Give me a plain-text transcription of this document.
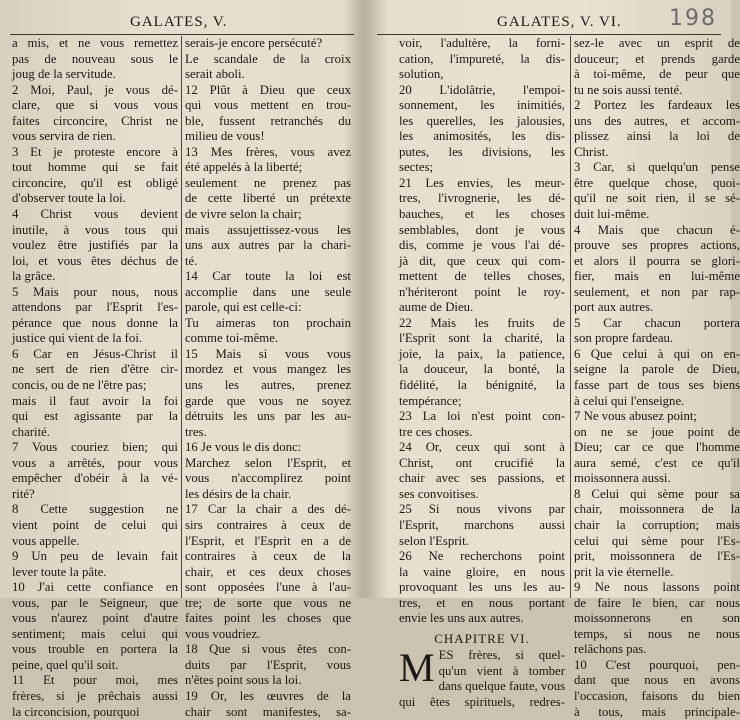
GALATES, V.
a mis, et ne vous remettez
pas de nouveau sous le
joug de la servitude.
2 Moi, Paul, je vous dé-
clare, que si vous vous
faites circoncire, Christ ne
vous servira de rien.
3 Et je proteste encore à
tout homme qui se fait
circoncire, qu'il est obligé
d'observer toute la loi.
4 Christ vous devient
inutile, à vous tous qui
voulez être justifiés par la
loi, et vous êtes déchus de
la grâce.
5 Mais pour nous, nous
attendons par l'Esprit l'es-
pérance que nous donne la
justice qui vient de la foi.
6 Car en Jésus-Christ il
ne sert de rien d'être cir-
concis, ou de ne l'être pas;
mais il faut avoir la foi
qui est agissante par la
charité.
7 Vous couriez bien; qui
vous a arrêtés, pour vous
empêcher d'obéir à la vé-
rité?
8 Cette suggestion ne
vient point de celui qui
vous appelle.
9 Un peu de levain fait
lever toute la pâte.
10 J'ai cette confiance en
vous, par le Seigneur, que
vous n'aurez point d'autre
sentiment; mais celui qui
vous trouble en portera la
peine, quel qu'il soit.
11 Et pour moi, mes
frères, si je prêchais aussi
la circoncision, pourquoi
serais-je encore persécuté?
Le scandale de la croix
serait aboli.
12 Plût à Dieu que ceux
qui vous mettent en trou-
ble, fussent retranchés du
milieu de vous!
13 Mes frères, vous avez
été appelés à la liberté;
seulement ne prenez pas
de cette liberté un prétexte
de vivre selon la chair;
mais assujettissez-vous les
uns aux autres par la chari-
té.
14 Car toute la loi est
accomplie dans une seule
parole, qui est celle-ci:
Tu aimeras ton prochain
comme toi-même.
15 Mais si vous vous
mordez et vous mangez les
uns les autres, prenez
garde que vous ne soyez
détruits les uns par les au-
tres.
16 Je vous le dis donc:
Marchez selon l'Esprit, et
vous n'accomplirez point
les désirs de la chair.
17 Car la chair a des dé-
sirs contraires à ceux de
l'Esprit, et l'Esprit en a de
contraires à ceux de la
chair, et ces deux choses
sont opposées l'une à l'au-
tre; de sorte que vous ne
faites point les choses que
vous voudriez.
18 Que si vous êtes con-
duits par l'Esprit, vous
n'êtes point sous la loi.
19 Or, les œuvres de la
chair sont manifestes, sa-
GALATES, V. VI. 198
voir, l'adultère, la forni-
cation, l'impureté, la dis-
solution,
20 L'idolâtrie, l'empoi-
sonnement, les inimitiés,
les querelles, les jalousies,
les animosités, les dis-
putes, les divisions, les
sectes;
21 Les envies, les meur-
tres, l'ivrognerie, les dé-
bauches, et les choses
semblables, dont je vous
dis, comme je vous l'ai dé-
jà dit, que ceux qui com-
mettent de telles choses,
n'hériteront point le roy-
aume de Dieu.
22 Mais les fruits de
l'Esprit sont la charité, la
joie, la paix, la patience,
la douceur, la bonté, la
fidélité, la bénignité, la
tempérance;
23 La loi n'est point con-
tre ces choses.
24 Or, ceux qui sont à
Christ, ont crucifié la
chair avec ses passions, et
ses convoitises.
25 Si nous vivons par
l'Esprit, marchons aussi
selon l'Esprit.
26 Ne recherchons point
la vaine gloire, en nous
provoquant les uns les au-
tres, et en nous portant
envie les uns aux autres.
CHAPITRE VI.
M ES frères, si quel-
qu'un vient à tomber
dans quelque faute, vous
qui êtes spirituels, redres-
sez-le avec un esprit de
douceur; et prends garde
à toi-même, de peur que
tu ne sois aussi tenté.
2 Portez les fardeaux les
uns des autres, et accom-
plissez ainsi la loi de
Christ.
3 Car, si quelqu'un pense
être quelque chose, quoi-
qu'il ne soit rien, il se sé-
duit lui-même.
4 Mais que chacun é-
prouve ses propres actions,
et alors il pourra se glori-
fier, mais en lui-même
seulement, et non par rap-
port aux autres.
5 Car chacun portera
son propre fardeau.
6 Que celui à qui on en-
seigne la parole de Dieu,
fasse part de tous ses biens
à celui qui l'enseigne.
7 Ne vous abusez point;
on ne se joue point de
Dieu; car ce que l'homme
aura semé, c'est ce qu'il
moissonnera aussi.
8 Celui qui sème pour sa
chair, moissonnera de la
chair la corruption; mais
celui qui sème pour l'Es-
prit, moissonnera de l'Es-
prit la vie éternelle.
9 Ne nous lassons point
de faire le bien, car nous
moissonnerons en son
temps, si nous ne nous
relâchons pas.
10 C'est pourquoi, pen-
dant que nous en avons
l'occasion, faisons du bien
à tous, mais principale-
